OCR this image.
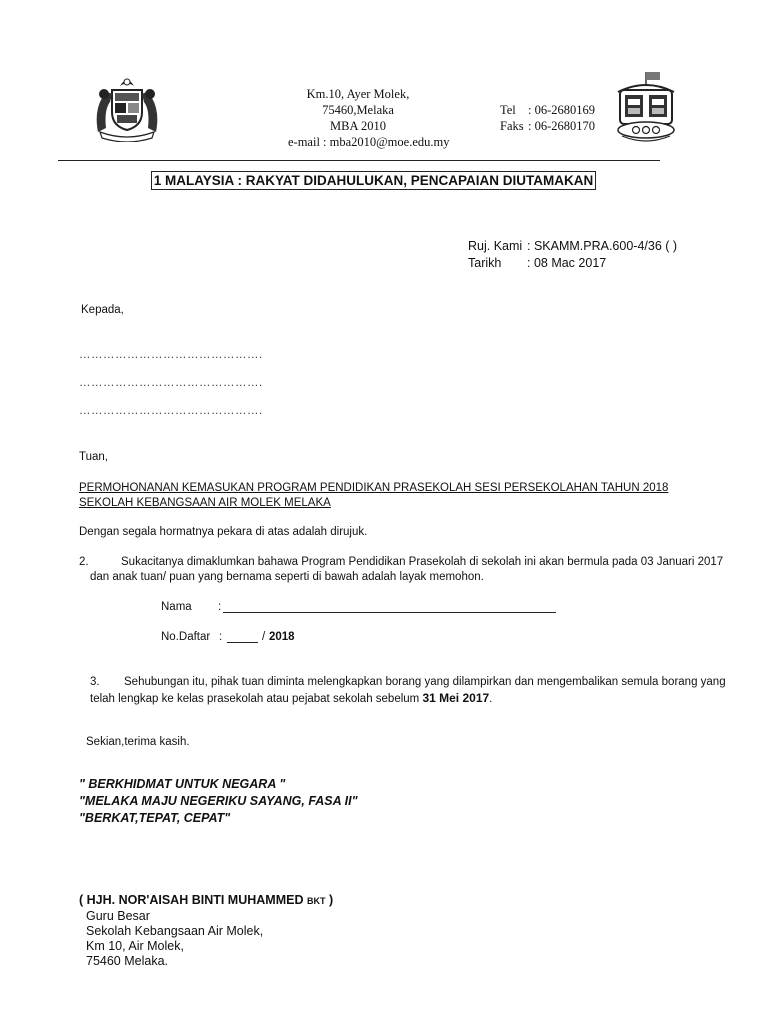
Km.10, Ayer Molek,
75460,Melaka
MBA 2010
e-mail : mba2010@moe.edu.my
Tel : 06-2680169
Faks : 06-2680170
1 MALAYSIA : RAKYAT DIDAHULUKAN, PENCAPAIAN DIUTAMAKAN
Ruj. Kami : SKAMM.PRA.600-4/36 ( )
Tarikh : 08 Mac 2017
Kepada,
……………………………………….
……………………………………….
……………………………………….
Tuan,
PERMOHONANAN KEMASUKAN PROGRAM PENDIDIKAN PRASEKOLAH SESI PERSEKOLAHAN TAHUN 2018
SEKOLAH KEBANGSAAN AIR MOLEK MELAKA
Dengan segala hormatnya pekara di atas adalah dirujuk.
2.	Sukacitanya dimaklumkan bahawa Program Pendidikan Prasekolah di sekolah ini akan bermula pada 03 Januari 2017
dan anak tuan/ puan yang bernama seperti di bawah adalah layak memohon.
Nama :
No.Daftar :	/ 2018
3. Sehubungan itu, pihak tuan diminta melengkapkan borang yang dilampirkan dan mengembalikan semula borang yang
telah lengkap ke kelas prasekolah atau pejabat sekolah sebelum 31 Mei 2017.
Sekian,terima kasih.
" BERKHIDMAT UNTUK NEGARA "
"MELAKA MAJU NEGERIKU SAYANG, FASA II"
"BERKAT,TEPAT, CEPAT"
( HJH. NOR'AISAH BINTI MUHAMMED BKT )
Guru Besar
Sekolah Kebangsaan Air Molek,
Km 10, Air Molek,
75460 Melaka.
